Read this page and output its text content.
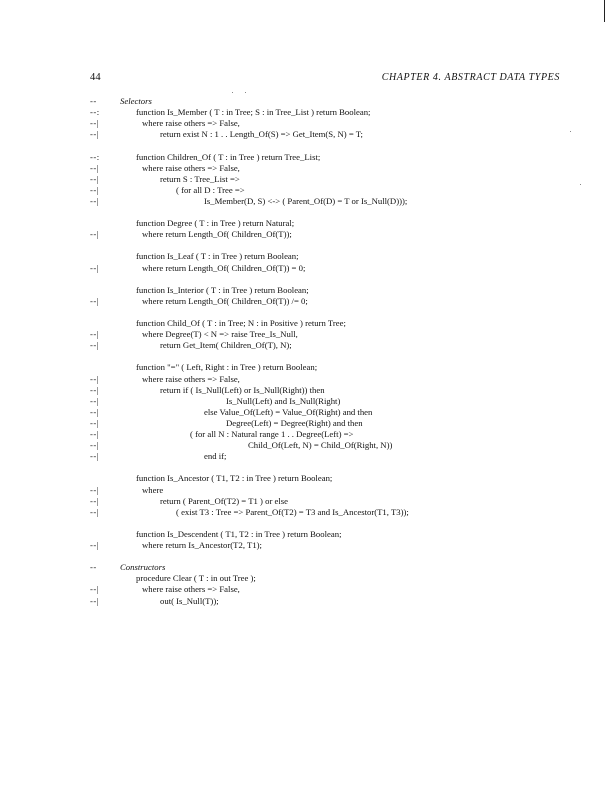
44	CHAPTER 4. ABSTRACT DATA TYPES
-- Selectors
--:	function Is_Member ( T : in Tree; S : in Tree_List ) return Boolean;
--|	where raise others => False,
--|	return exist N : 1 . . Length_Of(S) => Get_Item(S, N) = T;
--:	function Children_Of ( T : in Tree ) return Tree_List;
--|	where raise others => False,
--|	return S : Tree_List =>
--|	( for all D : Tree =>
--|	Is_Member(D, S) <-> ( Parent_Of(D) = T or Is_Null(D)));
function Degree ( T : in Tree ) return Natural;
--|	where return Length_Of( Children_Of(T));
function Is_Leaf ( T : in Tree ) return Boolean;
--|	where return Length_Of( Children_Of(T)) = 0;
function Is_Interior ( T : in Tree ) return Boolean;
--|	where return Length_Of( Children_Of(T)) /= 0;
function Child_Of ( T : in Tree; N : in Positive ) return Tree;
--|	where Degree(T) < N => raise Tree_Is_Null,
--|	return Get_Item( Children_Of(T), N);
function "=" ( Left, Right : in Tree ) return Boolean;
--|	where raise others => False,
--|	return if ( Is_Null(Left) or Is_Null(Right)) then
--|	Is_Null(Left) and Is_Null(Right)
--|	else Value_Of(Left) = Value_Of(Right) and then
--|	Degree(Left) = Degree(Right) and then
--|	( for all N : Natural range 1 . . Degree(Left) =>
--|	Child_Of(Left, N) = Child_Of(Right, N))
--|	end if;
function Is_Ancestor ( T1, T2 : in Tree ) return Boolean;
--|	where
--|	return ( Parent_Of(T2) = T1 ) or else
--|	( exist T3 : Tree => Parent_Of(T2) = T3 and Is_Ancestor(T1, T3));
function Is_Descendent ( T1, T2 : in Tree ) return Boolean;
--|	where return Is_Ancestor(T2, T1);
-- Constructors
procedure Clear ( T : in out Tree );
--|	where raise others => False,
--|	out( Is_Null(T));
